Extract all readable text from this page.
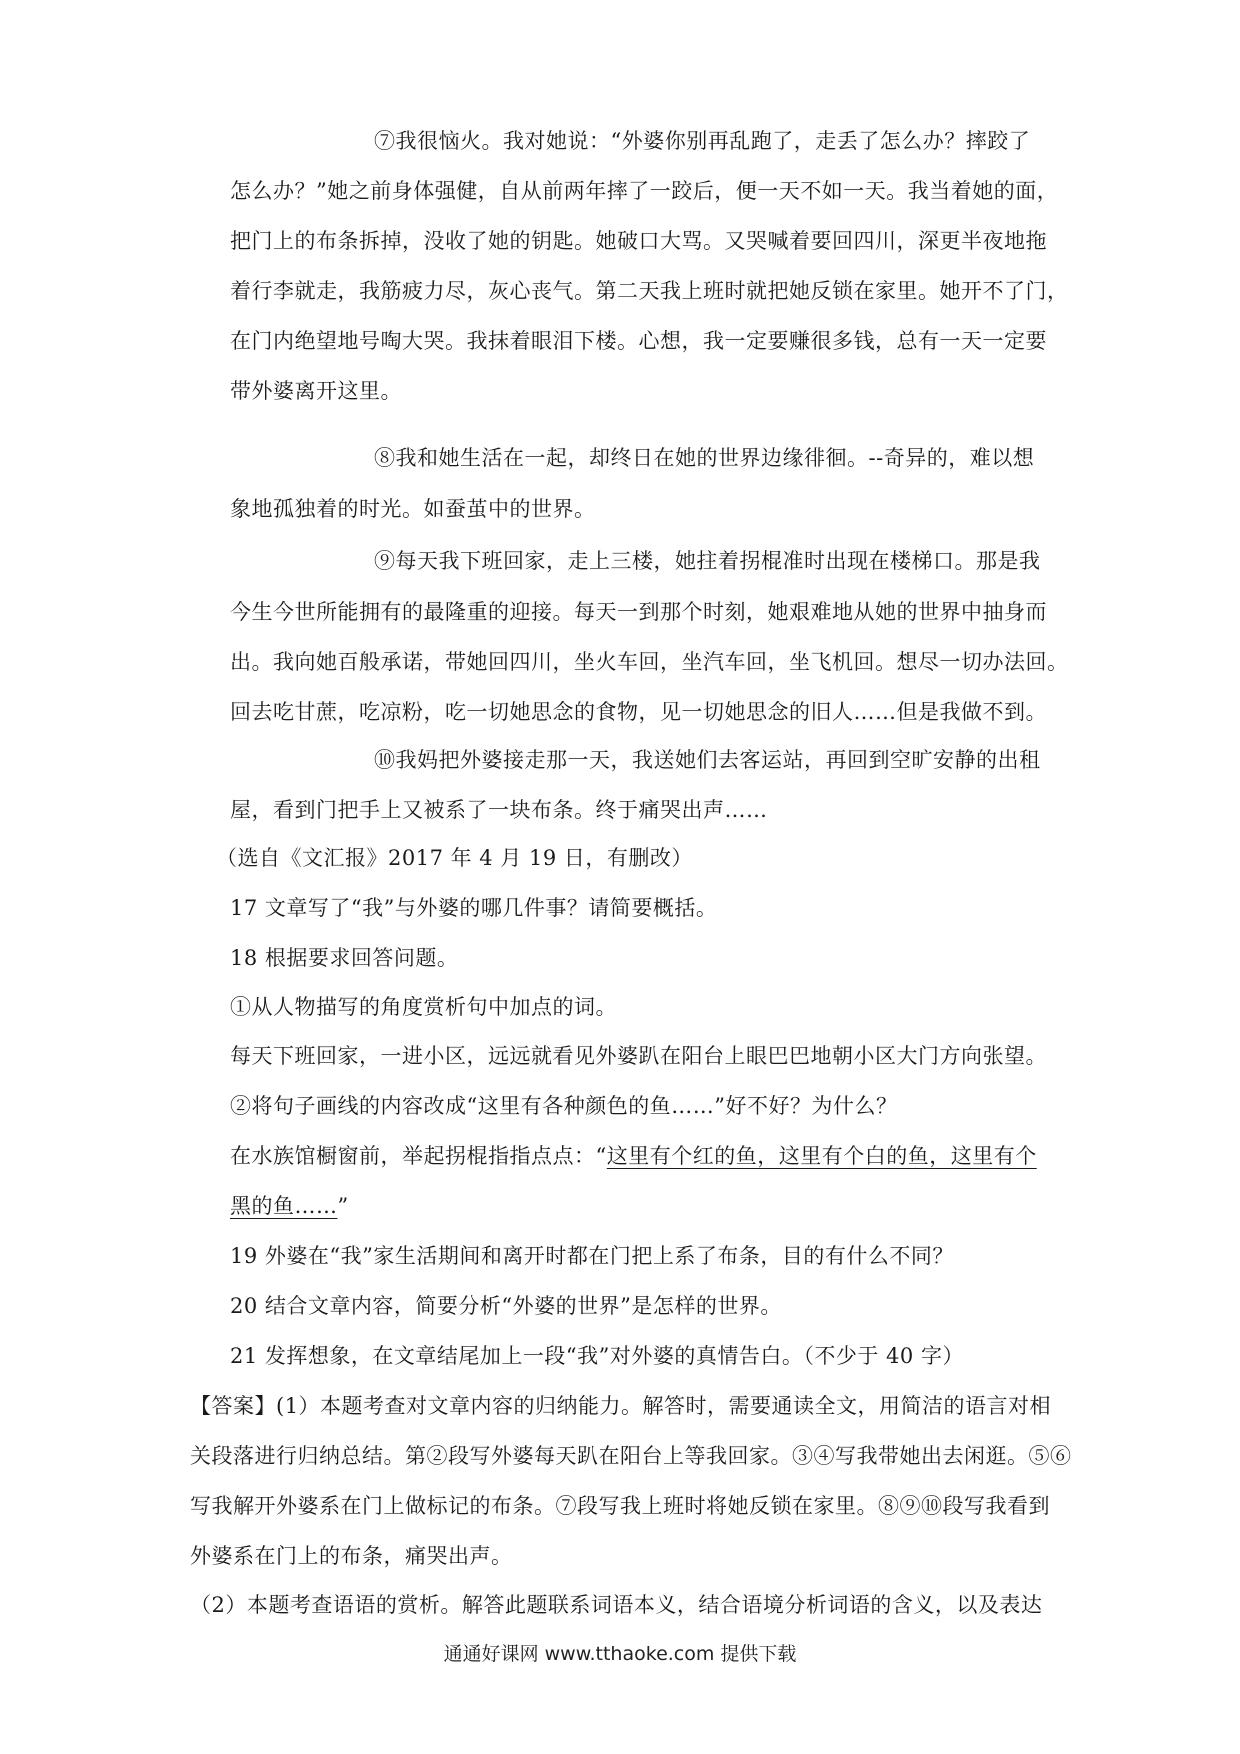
⑦我很恼火。我对她说：“外婆你别再乱跑了，走丢了怎么办？摔跤了
怎么办？”她之前身体强健，自从前两年摔了一跤后，便一天不如一天。我当着她的面，
把门上的布条拆掉，没收了她的钥匙。她破口大骂。又哭喊着要回四川，深更半夜地拖
着行李就走，我筋疲力尽，灰心丧气。第二天我上班时就把她反锁在家里。她开不了门，
在门内绝望地号啕大哭。我抹着眼泪下楼。心想，我一定要赚很多钱，总有一天一定要
带外婆离开这里。
⑧我和她生活在一起，却终日在她的世界边缘徘徊。--奇异的，难以想
象地孤独着的时光。如蚕茧中的世界。
⑨每天我下班回家，走上三楼，她拄着拐棍准时出现在楼梯口。那是我
今生今世所能拥有的最隆重的迎接。每天一到那个时刻，她艰难地从她的世界中抽身而
出。我向她百般承诺，带她回四川，坐火车回，坐汽车回，坐飞机回。想尽一切办法回。
回去吃甘蔗，吃凉粉，吃一切她思念的食物，见一切她思念的旧人……但是我做不到。
⑩我妈把外婆接走那一天，我送她们去客运站，再回到空旷安静的出租
屋，看到门把手上又被系了一块布条。终于痛哭出声……
（选自《文汇报》2017 年 4 月 19 日，有删改）
17 文章写了“我”与外婆的哪几件事？请简要概括。
18 根据要求回答问题。
①从人物描写的角度赏析句中加点的词。
每天下班回家，一进小区，远远就看见外婆趴在阳台上眼巴巴地朝小区大门方向张望。
②将句子画线的内容改成“这里有各种颜色的鱼……”好不好？为什么？
在水族馆橱窗前，举起拐棍指指点点：“这里有个红的鱼，这里有个白的鱼，这里有个
黑的鱼……”
19 外婆在“我”家生活期间和离开时都在门把上系了布条，目的有什么不同？
20 结合文章内容，简要分析“外婆的世界”是怎样的世界。
21 发挥想象，在文章结尾加上一段“我”对外婆的真情告白。（不少于 40 字）
【答案】(1）本题考查对文章内容的归纳能力。解答时，需要通读全文，用简洁的语言对相
关段落进行归纳总结。第②段写外婆每天趴在阳台上等我回家。③④写我带她出去闲逛。⑤⑥
写我解开外婆系在门上做标记的布条。⑦段写我上班时将她反锁在家里。⑧⑨⑩段写我看到
外婆系在门上的布条，痛哭出声。
（2）本题考查语语的赏析。解答此题联系词语本义，结合语境分析词语的含义，以及表达
通通好课网 www.tthaoke.com 提供下载
